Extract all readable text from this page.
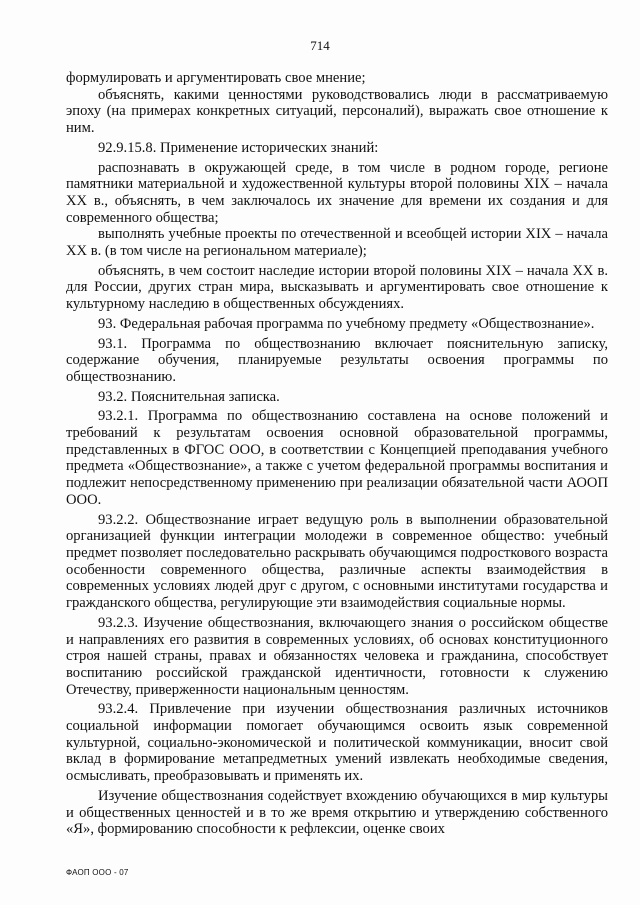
714

формулировать и аргументировать свое мнение;

объяснять, какими ценностями руководствовались люди в рассматриваемую эпоху (на примерах конкретных ситуаций, персоналий), выражать свое отношение к ним.

92.9.15.8. Применение исторических знаний:

распознавать в окружающей среде, в том числе в родном городе, регионе памятники материальной и художественной культуры второй половины XIX – начала XX в., объяснять, в чем заключалось их значение для времени их создания и для современного общества;

выполнять учебные проекты по отечественной и всеобщей истории XIX – начала XX в. (в том числе на региональном материале);

объяснять, в чем состоит наследие истории второй половины XIX – начала XX в. для России, других стран мира, высказывать и аргументировать свое отношение к культурному наследию в общественных обсуждениях.

93. Федеральная рабочая программа по учебному предмету «Обществознание».

93.1. Программа по обществознанию включает пояснительную записку, содержание обучения, планируемые результаты освоения программы по обществознанию.

93.2. Пояснительная записка.

93.2.1. Программа по обществознанию составлена на основе положений и требований к результатам освоения основной образовательной программы, представленных в ФГОС ООО, в соответствии с Концепцией преподавания учебного предмета «Обществознание», а также с учетом федеральной программы воспитания и подлежит непосредственному применению при реализации обязательной части АООП ООО.

93.2.2. Обществознание играет ведущую роль в выполнении образовательной организацией функции интеграции молодежи в современное общество: учебный предмет позволяет последовательно раскрывать обучающимся подросткового возраста особенности современного общества, различные аспекты взаимодействия в современных условиях людей друг с другом, с основными институтами государства и гражданского общества, регулирующие эти взаимодействия социальные нормы.

93.2.3. Изучение обществознания, включающего знания о российском обществе и направлениях его развития в современных условиях, об основах конституционного строя нашей страны, правах и обязанностях человека и гражданина, способствует воспитанию российской гражданской идентичности, готовности к служению Отечеству, приверженности национальным ценностям.

93.2.4. Привлечение при изучении обществознания различных источников социальной информации помогает обучающимся освоить язык современной культурной, социально-экономической и политической коммуникации, вносит свой вклад в формирование метапредметных умений извлекать необходимые сведения, осмысливать, преобразовывать и применять их.

Изучение обществознания содействует вхождению обучающихся в мир культуры и общественных ценностей и в то же время открытию и утверждению собственного «Я», формированию способности к рефлексии, оценке своих

ФАОП ООО - 07
